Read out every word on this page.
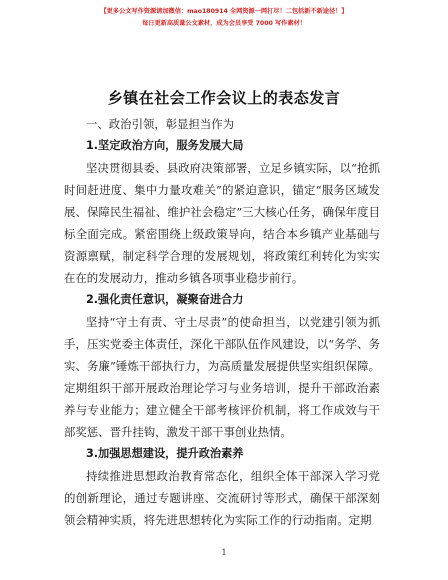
【更多公文写作资源请加微信：mao180914 全网资源一网打尽！二包括新不新途径！】
每日更新高质量公文素材，成为会员享受 7000 写作素材！
乡镇在社会工作会议上的表态发言
一、政治引领，彰显担当作为
1.坚定政治方向，服务发展大局

坚决贯彻县委、县政府决策部署，立足乡镇实际，以“抢抓时间赶进度、集中力量攻难关”的紧迫意识，锚定“服务区域发展、保障民生福祉、维护社会稳定”三大核心任务，确保年度目标全面完成。紧密围绕上级政策导向，结合本乡镇产业基础与资源禀赋，制定科学合理的发展规划，将政策红利转化为实实在在的发展动力，推动乡镇各项事业稳步前行。

2.强化责任意识，凝聚奋进合力

坚持“守土有责、守土尽责”的使命担当，以党建引领为抓手，压实党委主体责任，深化干部队伍作风建设，以“务学、务实、务廉”锤炼干部执行力，为高质量发展提供坚实组织保障。定期组织干部开展政治理论学习与业务培训，提升干部政治素养与专业能力；建立健全干部考核评价机制，将工作成效与干部奖惩、晋升挂钩，激发干部干事创业热情。

3.加强思想建设，提升政治素养

持续推进思想政治教育常态化，组织全体干部深入学习党的创新理论，通过专题讲座、交流研讨等形式，确保干部深刻领会精神实质，将先进思想转化为实际工作的行动指南。定期

1
